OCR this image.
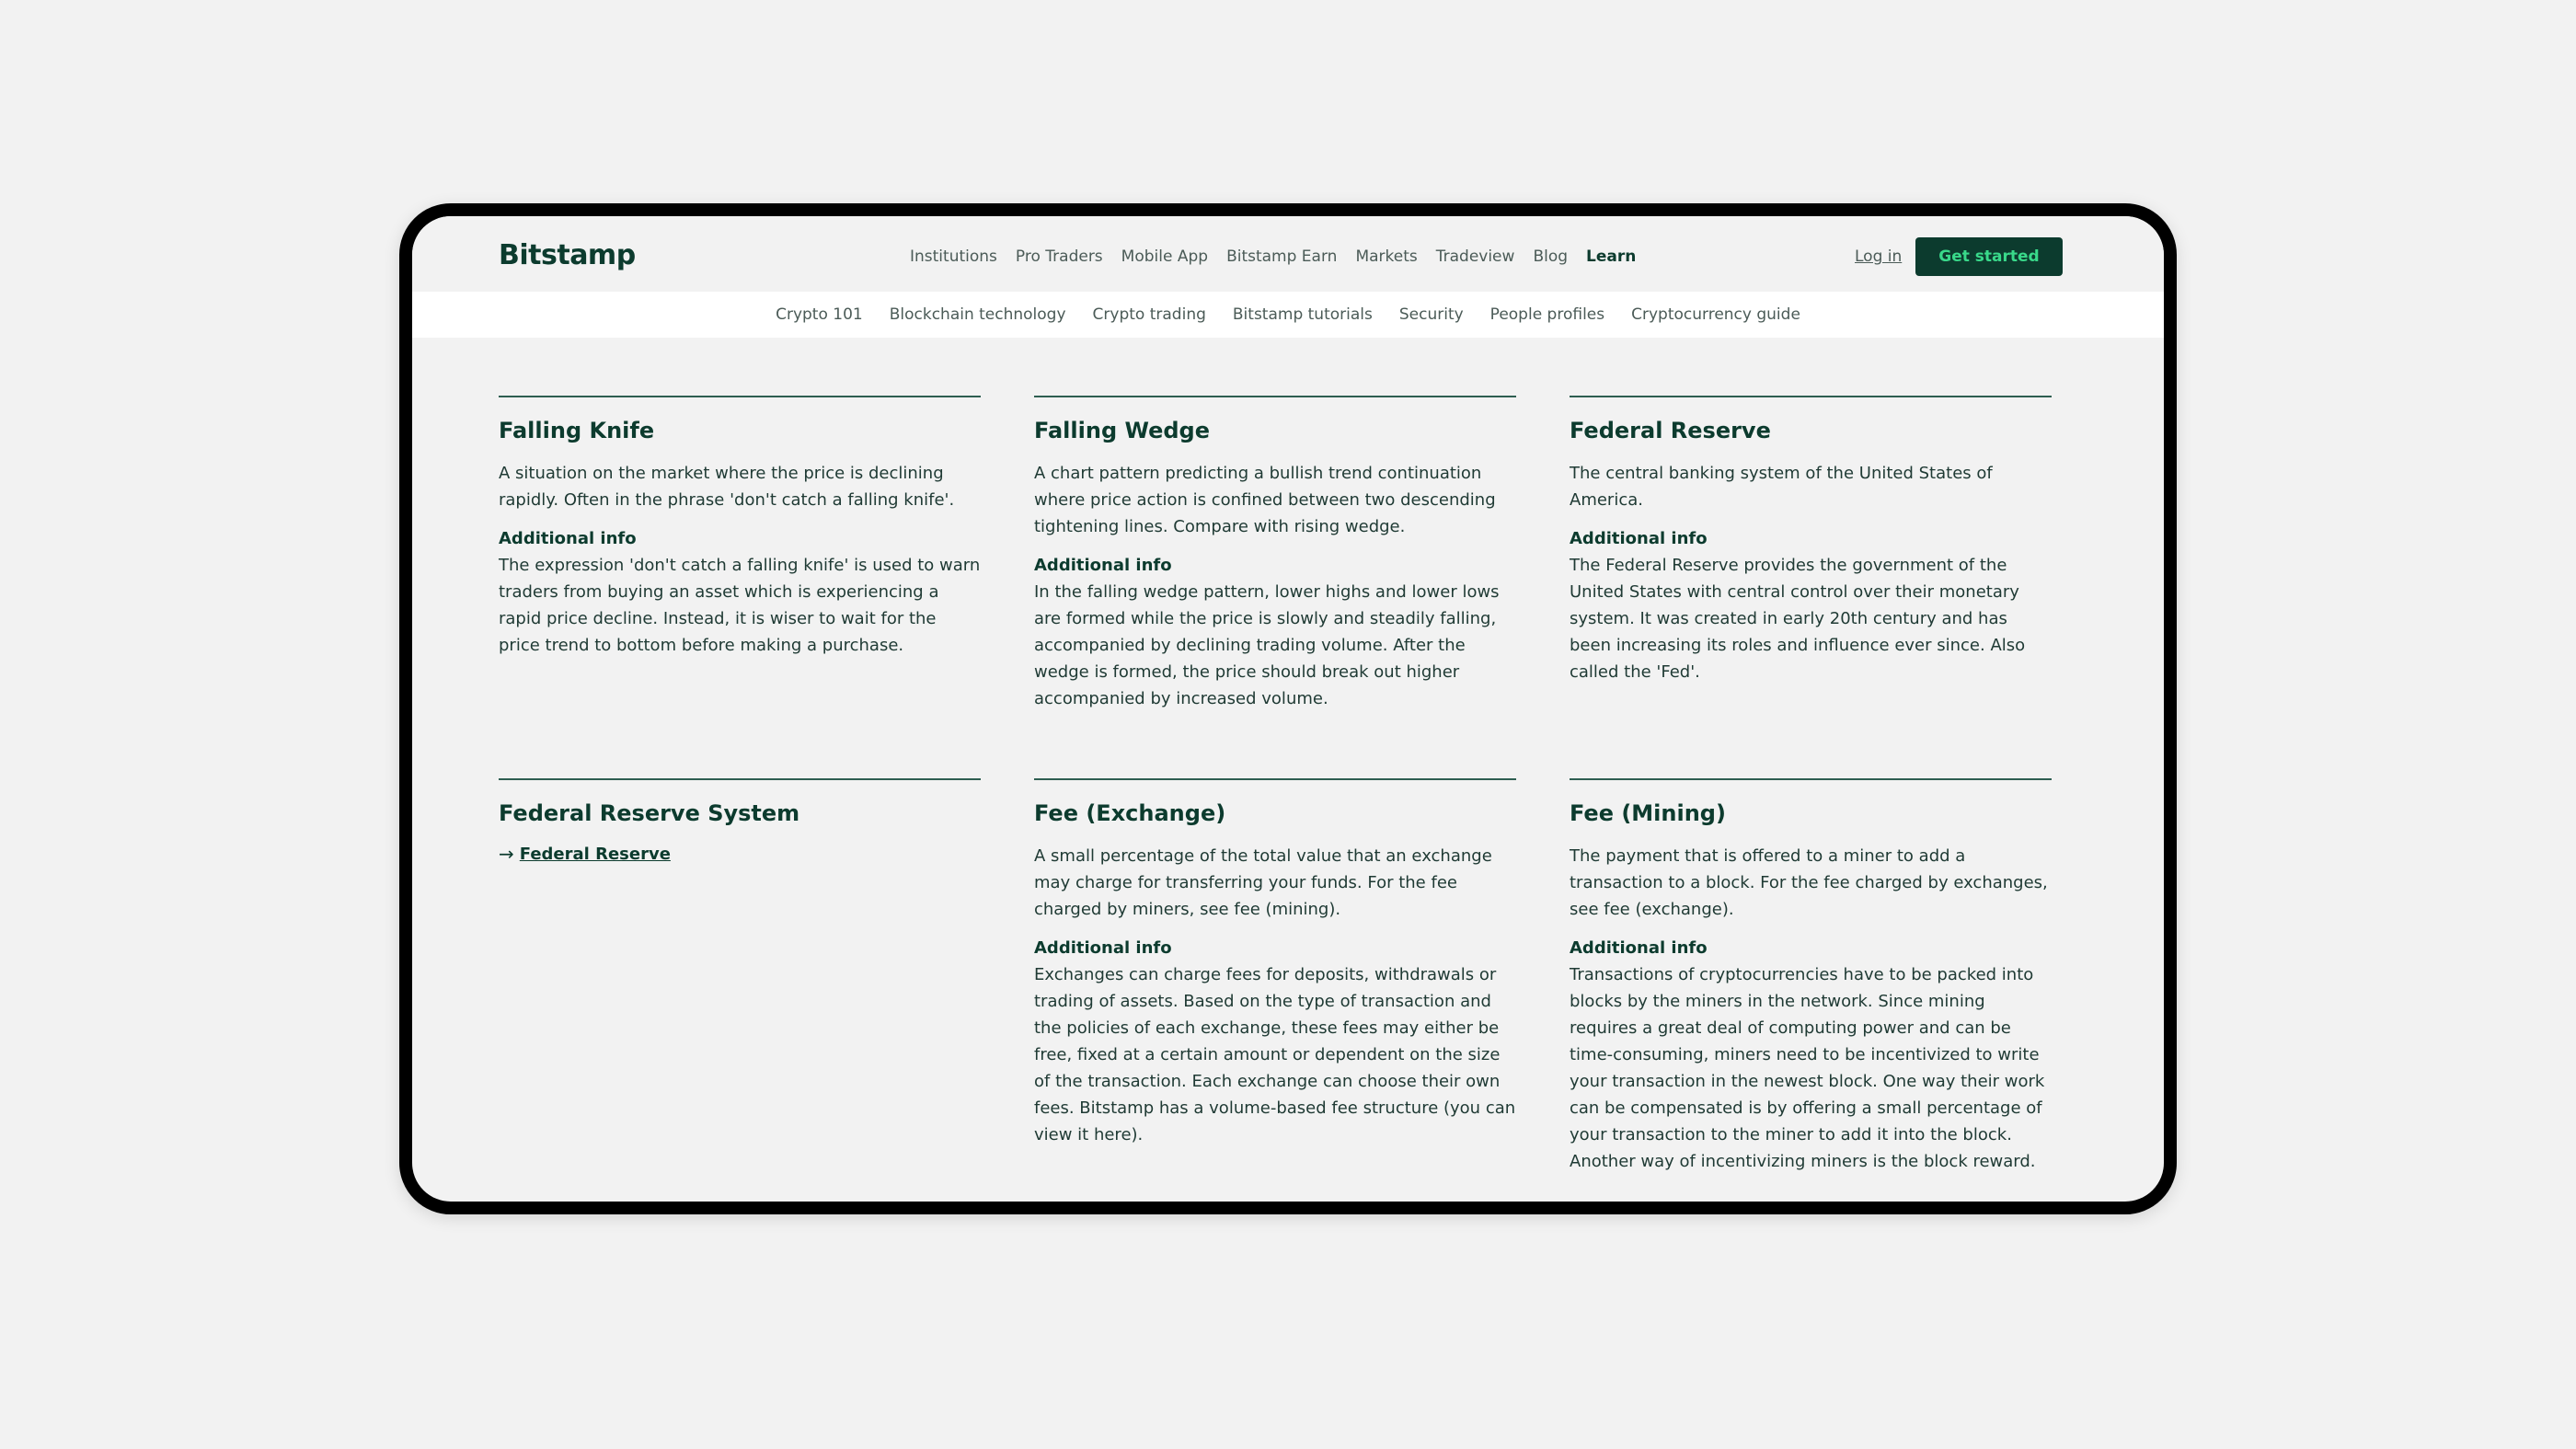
Bitstamp	Institutions Pro Traders Mobile App Bitstamp Earn Markets Tradeview Blog Learn	Log in	Get started
Crypto 101 Blockchain technology Crypto trading Bitstamp tutorials Security People profiles Cryptocurrency guide
Falling Knife

A situation on the market where the price is declining rapidly. Often in the phrase 'don't catch a falling knife'.

Additional info

The expression 'don't catch a falling knife' is used to warn traders from buying an asset which is experiencing a rapid price decline. Instead, it is wiser to wait for the price trend to bottom before making a purchase.

Falling Wedge

A chart pattern predicting a bullish trend continuation where price action is confined between two descending tightening lines. Compare with rising wedge.

Additional info

In the falling wedge pattern, lower highs and lower lows are formed while the price is slowly and steadily falling, accompanied by declining trading volume. After the wedge is formed, the price should break out higher accompanied by increased volume.

Federal Reserve

The central banking system of the United States of America.

Additional info

The Federal Reserve provides the government of the United States with central control over their monetary system. It was created in early 20th century and has been increasing its roles and influence ever since. Also called the 'Fed'.

Federal Reserve System
→ Federal Reserve
Fee (Exchange)

A small percentage of the total value that an exchange may charge for transferring your funds. For the fee charged by miners, see fee (mining).

Additional info

Exchanges can charge fees for deposits, withdrawals or trading of assets. Based on the type of transaction and the policies of each exchange, these fees may either be free, fixed at a certain amount or dependent on the size of the transaction. Each exchange can choose their own fees. Bitstamp has a volume-based fee structure (you can view it here).

Fee (Mining)

The payment that is offered to a miner to add a transaction to a block. For the fee charged by exchanges, see fee (exchange).

Additional info

Transactions of cryptocurrencies have to be packed into blocks by the miners in the network. Since mining requires a great deal of computing power and can be time-consuming, miners need to be incentivized to write your transaction in the newest block. One way their work can be compensated is by offering a small percentage of your transaction to the miner to add it into the block. Another way of incentivizing miners is the block reward.
